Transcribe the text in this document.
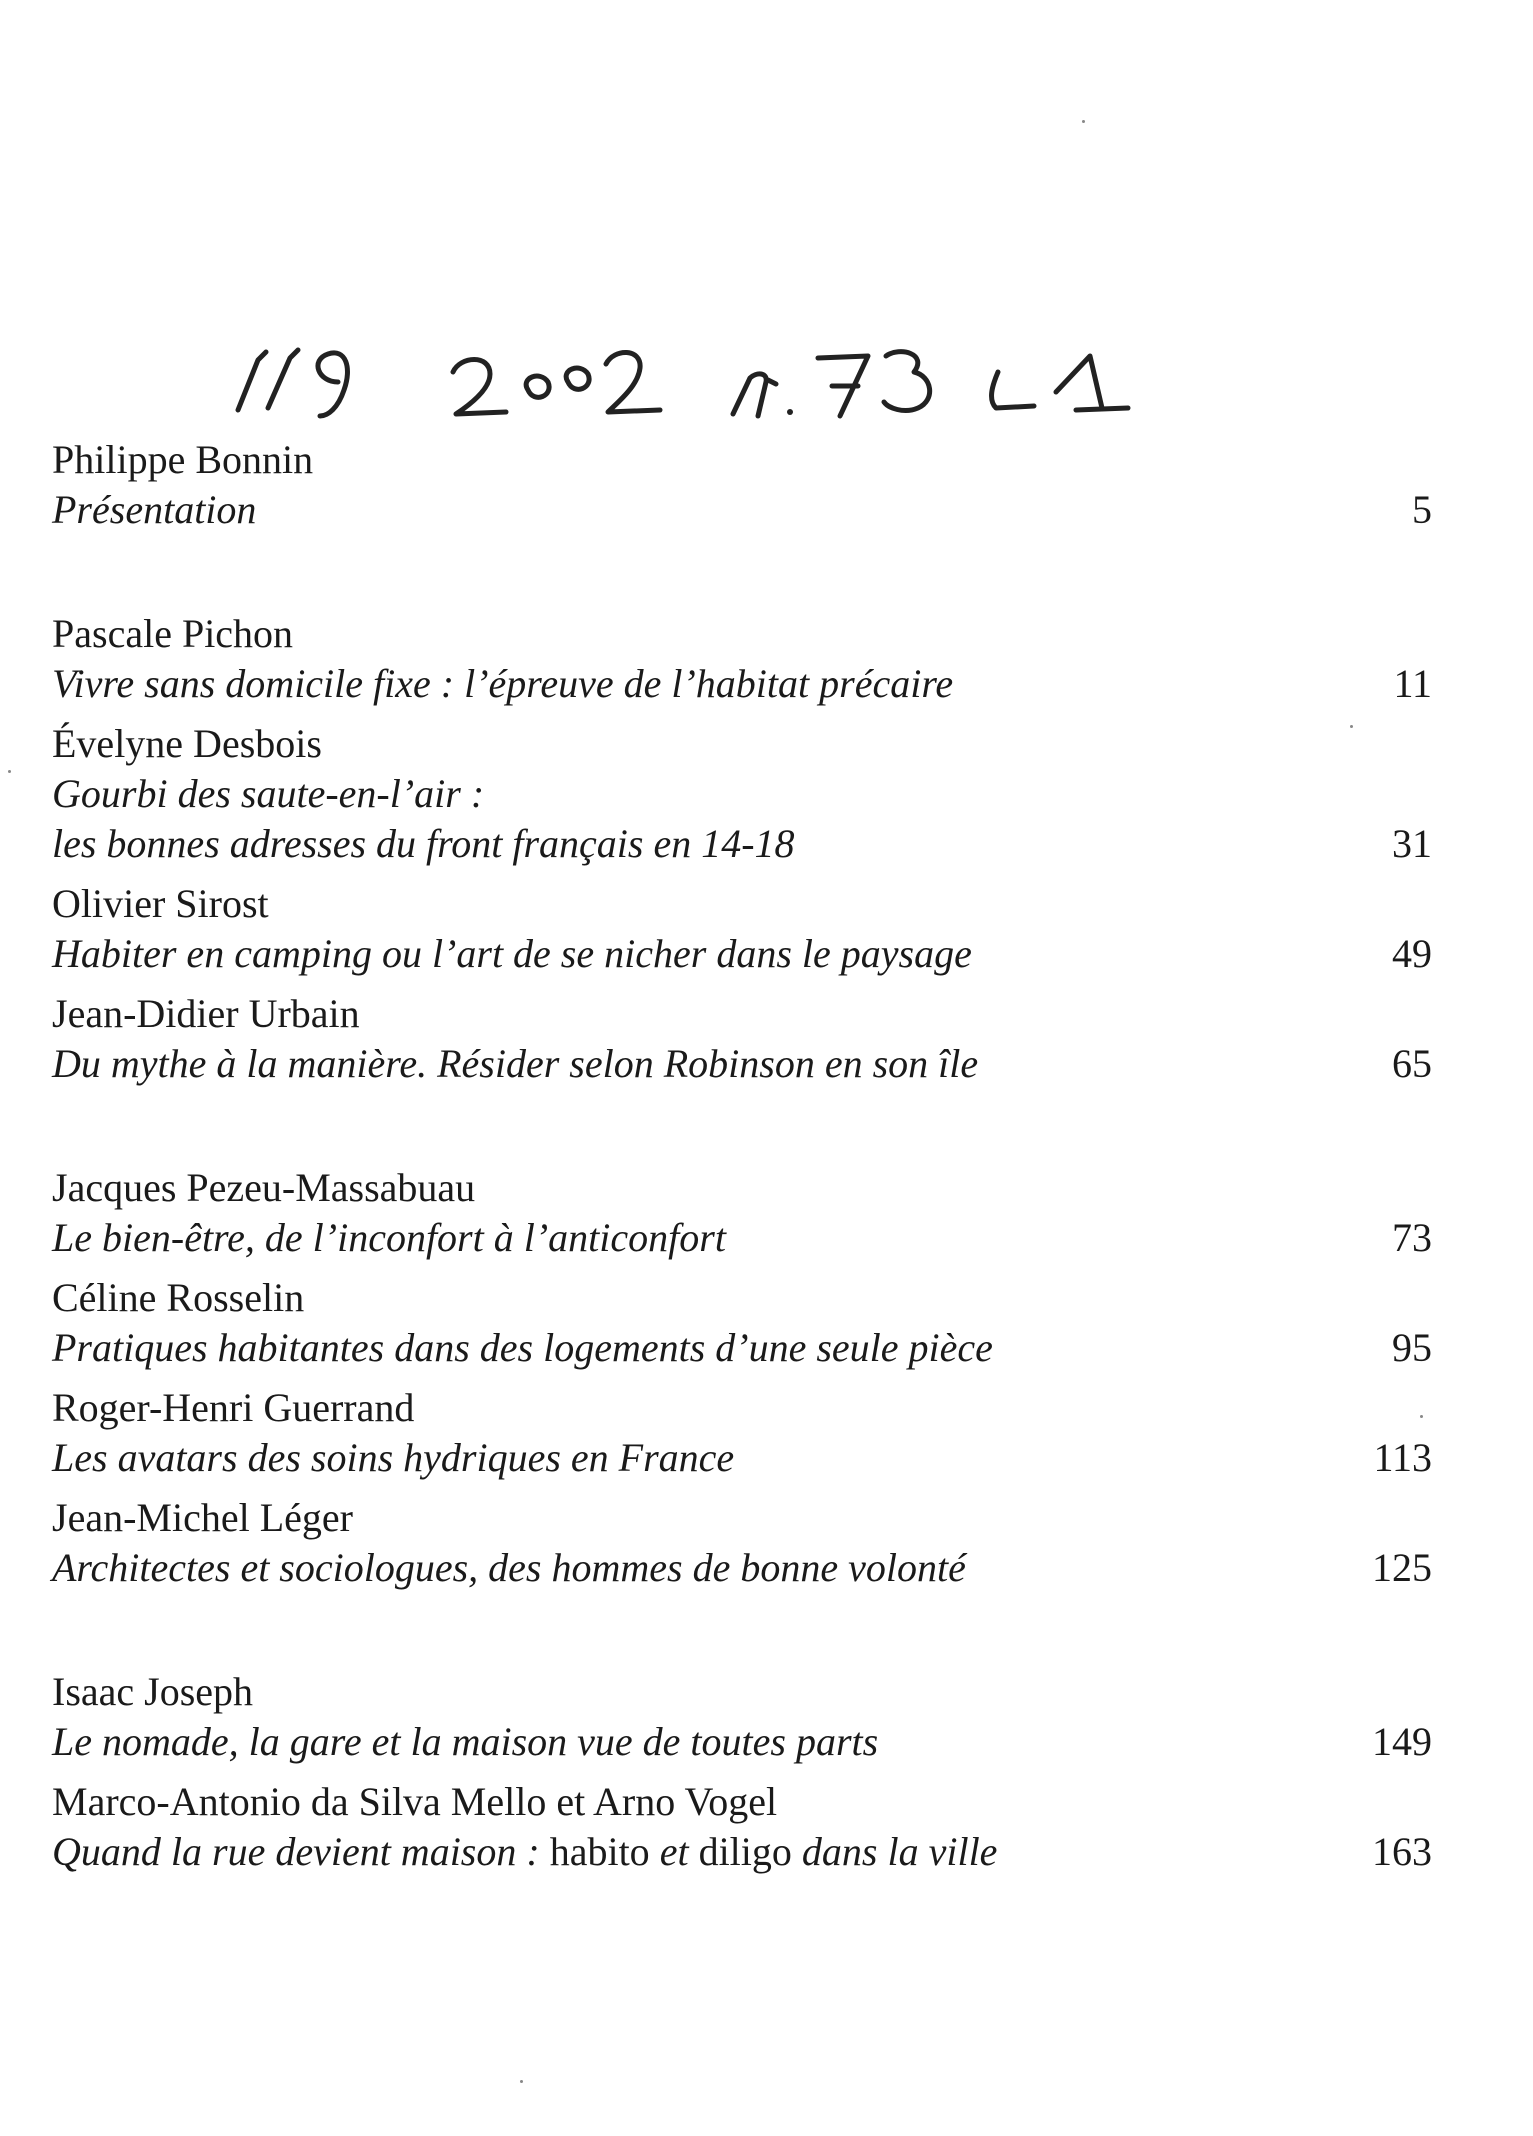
Philippe Bonnin
Présentation	5
Pascale Pichon
Vivre sans domicile fixe : l’épreuve de l’habitat précaire	11
Évelyne Desbois
Gourbi des saute-en-l’air :
les bonnes adresses du front français en 14-18	31
Olivier Sirost
Habiter en camping ou l’art de se nicher dans le paysage	49
Jean-Didier Urbain
Du mythe à la manière. Résider selon Robinson en son île	65
Jacques Pezeu-Massabuau
Le bien-être, de l’inconfort à l’anticonfort	73
Céline Rosselin
Pratiques habitantes dans des logements d’une seule pièce	95
Roger-Henri Guerrand
Les avatars des soins hydriques en France	113
Jean-Michel Léger
Architectes et sociologues, des hommes de bonne volonté	125
Isaac Joseph
Le nomade, la gare et la maison vue de toutes parts	149
Marco-Antonio da Silva Mello et Arno Vogel
Quand la rue devient maison : habito et diligo dans la ville	163
